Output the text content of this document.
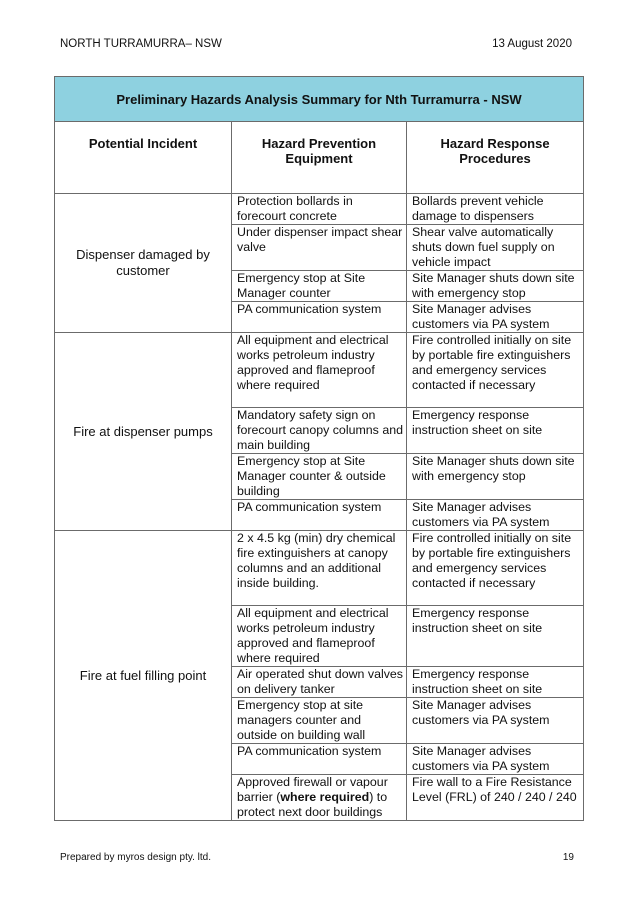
NORTH TURRAMURRA– NSW	13 August 2020
Preliminary Hazards Analysis Summary for Nth Turramurra - NSW		
Potential Incident	Hazard Prevention Equipment	Hazard Response Procedures
Dispenser damaged by customer	Protection bollards in forecourt concrete	Bollards prevent vehicle damage to dispensers
	Under dispenser impact shear valve	Shear valve automatically shuts down fuel supply on vehicle impact
	Emergency stop at Site Manager counter	Site Manager shuts down site with emergency stop
	PA communication system	Site Manager advises customers via PA system
Fire at dispenser pumps	All equipment and electrical works petroleum industry approved and flameproof where required	Fire controlled initially on site by portable fire extinguishers and emergency services contacted if necessary
	Mandatory safety sign on forecourt canopy columns and main building	Emergency response instruction sheet on site
	Emergency stop at Site Manager counter & outside building	Site Manager shuts down site with emergency stop
	PA communication system	Site Manager advises customers via PA system
Fire at fuel filling point	2 x 4.5 kg (min) dry chemical fire extinguishers at canopy columns and an additional inside building.	Fire controlled initially on site by portable fire extinguishers and emergency services contacted if necessary
	All equipment and electrical works petroleum industry approved and flameproof where required	Emergency response instruction sheet on site
	Air operated shut down valves on delivery tanker	Emergency response instruction sheet on site
	Emergency stop at site managers counter and outside on building wall	Site Manager advises customers via PA system
	PA communication system	Site Manager advises customers via PA system
	Approved firewall or vapour barrier (where required) to protect next door buildings	Fire wall to a Fire Resistance Level (FRL) of 240 / 240 / 240
Prepared by myros design pty. ltd.	19
